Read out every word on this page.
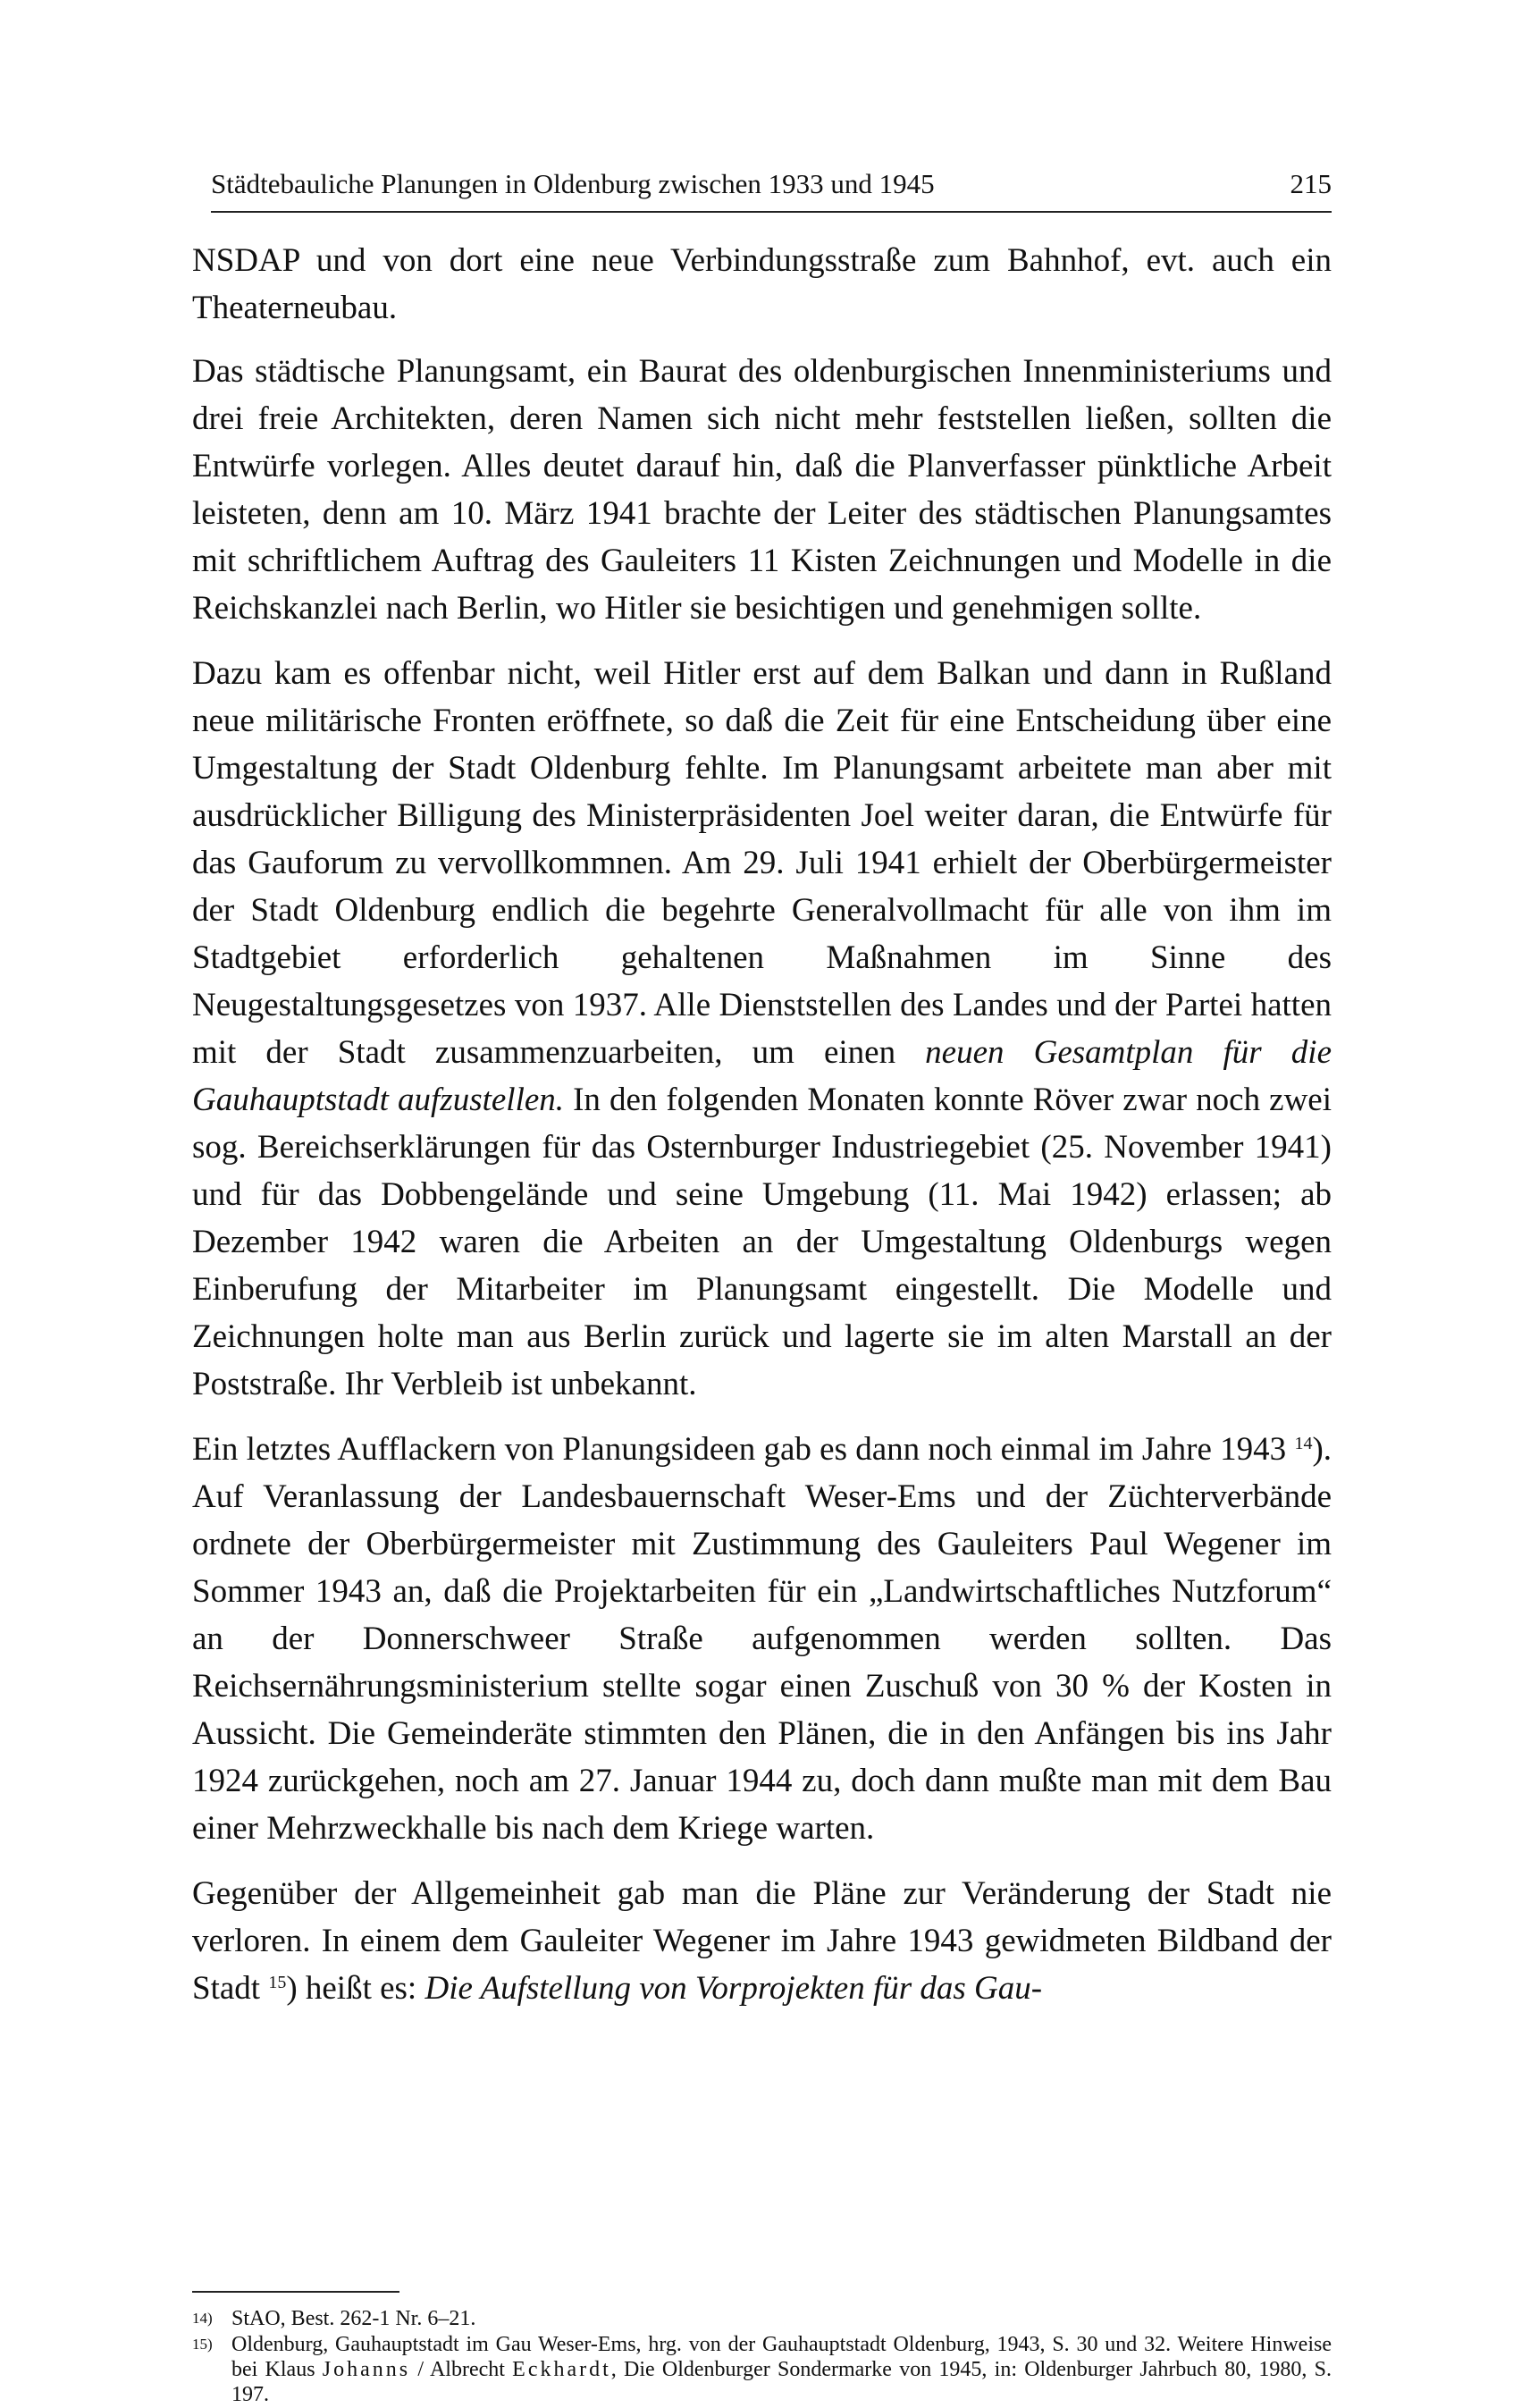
Städtebauliche Planungen in Oldenburg zwischen 1933 und 1945	215

NSDAP und von dort eine neue Verbindungsstraße zum Bahnhof, evt. auch ein Theaterneubau.

Das städtische Planungsamt, ein Baurat des oldenburgischen Innenministeriums und drei freie Architekten, deren Namen sich nicht mehr feststellen ließen, sollten die Entwürfe vorlegen. Alles deutet darauf hin, daß die Planverfasser pünktliche Arbeit leisteten, denn am 10. März 1941 brachte der Leiter des städtischen Planungsamtes mit schriftlichem Auftrag des Gauleiters 11 Kisten Zeichnungen und Modelle in die Reichskanzlei nach Berlin, wo Hitler sie besichtigen und genehmigen sollte.

Dazu kam es offenbar nicht, weil Hitler erst auf dem Balkan und dann in Rußland neue militärische Fronten eröffnete, so daß die Zeit für eine Entscheidung über eine Umgestaltung der Stadt Oldenburg fehlte. Im Planungsamt arbeitete man aber mit ausdrücklicher Billigung des Ministerpräsidenten Joel weiter daran, die Entwürfe für das Gauforum zu vervollkommnen. Am 29. Juli 1941 erhielt der Oberbürgermeister der Stadt Oldenburg endlich die begehrte Generalvollmacht für alle von ihm im Stadtgebiet erforderlich gehaltenen Maßnahmen im Sinne des Neugestaltungsgesetzes von 1937. Alle Dienststellen des Landes und der Partei hatten mit der Stadt zusammenzuarbeiten, um einen neuen Gesamtplan für die Gauhauptstadt aufzustellen. In den folgenden Monaten konnte Röver zwar noch zwei sog. Bereichserklärungen für das Osternburger Industriegebiet (25. November 1941) und für das Dobbengelände und seine Umgebung (11. Mai 1942) erlassen; ab Dezember 1942 waren die Arbeiten an der Umgestaltung Oldenburgs wegen Einberufung der Mitarbeiter im Planungsamt eingestellt. Die Modelle und Zeichnungen holte man aus Berlin zurück und lagerte sie im alten Marstall an der Poststraße. Ihr Verbleib ist unbekannt.

Ein letztes Aufflackern von Planungsideen gab es dann noch einmal im Jahre 1943 $^{14}$). Auf Veranlassung der Landesbauernschaft Weser-Ems und der Züchterverbände ordnete der Oberbürgermeister mit Zustimmung des Gauleiters Paul Wegener im Sommer 1943 an, daß die Projektarbeiten für ein „Landwirtschaftliches Nutzforum“ an der Donnerschweer Straße aufgenommen werden sollten. Das Reichsernährungsministerium stellte sogar einen Zuschuß von 30 % der Kosten in Aussicht. Die Gemeinderäte stimmten den Plänen, die in den Anfängen bis ins Jahr 1924 zurückgehen, noch am 27. Januar 1944 zu, doch dann mußte man mit dem Bau einer Mehrzweckhalle bis nach dem Kriege warten.

Gegenüber der Allgemeinheit gab man die Pläne zur Veränderung der Stadt nie verloren. In einem dem Gauleiter Wegener im Jahre 1943 gewidmeten Bildband der Stadt $^{15}$) heißt es: Die Aufstellung von Vorprojekten für das Gau-

14) StAO, Best. 262-1 Nr. 6–21.
15) Oldenburg, Gauhauptstadt im Gau Weser-Ems, hrg. von der Gauhauptstadt Oldenburg, 1943, S. 30 und 32. Weitere Hinweise bei Klaus Johanns / Albrecht Eckhardt, Die Oldenburger Sondermarke von 1945, in: Oldenburger Jahrbuch 80, 1980, S. 197.
